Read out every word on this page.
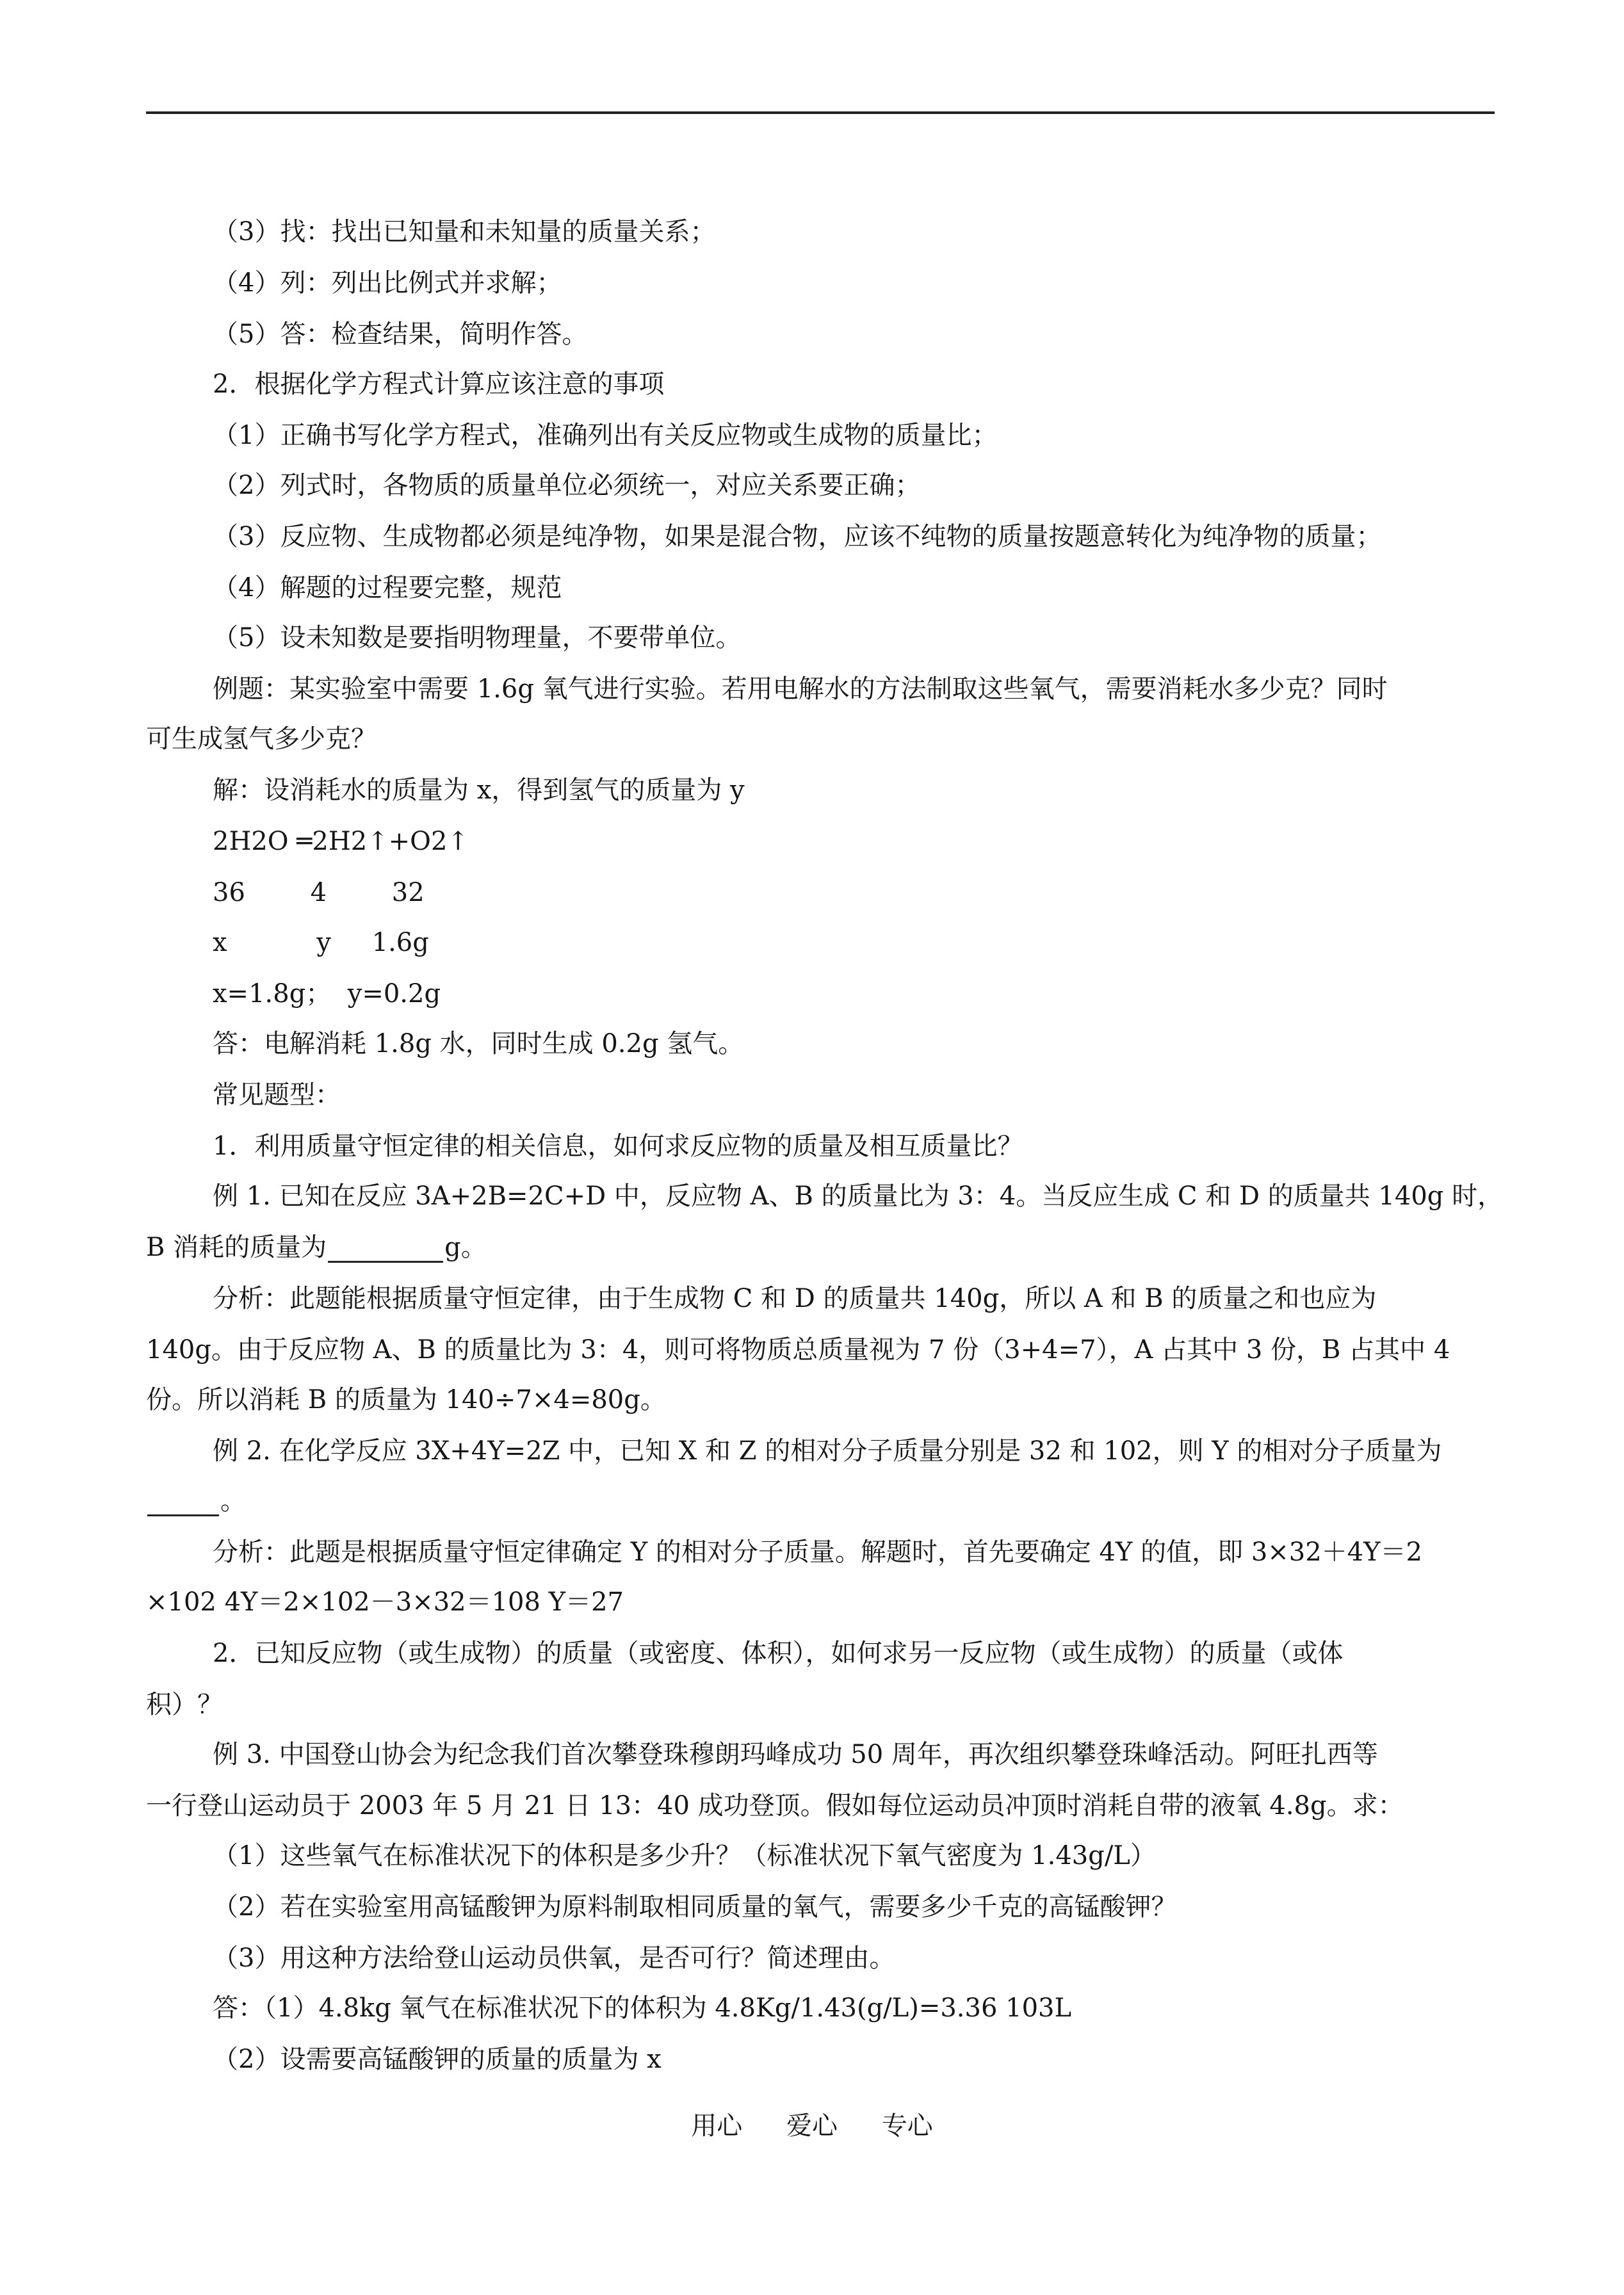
（3）找：找出已知量和未知量的质量关系；
（4）列：列出比例式并求解；
（5）答：检查结果，简明作答。
2．根据化学方程式计算应该注意的事项
（1）正确书写化学方程式，准确列出有关反应物或生成物的质量比；
（2）列式时，各物质的质量单位必须统一，对应关系要正确；
（3）反应物、生成物都必须是纯净物，如果是混合物，应该不纯物的质量按题意转化为纯净物的质量；
（4）解题的过程要完整，规范
（5）设未知数是要指明物理量，不要带单位。
例题：某实验室中需要 1.6g 氧气进行实验。若用电解水的方法制取这些氧气，需要消耗水多少克？同时
可生成氢气多少克？
解：设消耗水的质量为 x，得到氢气的质量为 y
2H2O ═2H2↑+O2↑
36        4        32
x           y     1.6g
x=1.8g；  y=0.2g
答：电解消耗 1.8g 水，同时生成 0.2g 氢气。
常见题型：
1．利用质量守恒定律的相关信息，如何求反应物的质量及相互质量比？
例 1. 已知在反应 3A+2B=2C+D 中，反应物 A、B 的质量比为 3：4。当反应生成 C 和 D 的质量共 140g 时，
B 消耗的质量为	g。
分析：此题能根据质量守恒定律，由于生成物 C 和 D 的质量共 140g，所以 A 和 B 的质量之和也应为
140g。由于反应物 A、B 的质量比为 3：4，则可将物质总质量视为 7 份（3+4=7），A 占其中 3 份，B 占其中 4
份。所以消耗 B 的质量为 140÷7×4=80g。
例 2. 在化学反应 3X+4Y=2Z 中，已知 X 和 Z 的相对分子质量分别是 32 和 102，则 Y 的相对分子质量为
。
分析：此题是根据质量守恒定律确定 Y 的相对分子质量。解题时，首先要确定 4Y 的值，即 3×32＋4Y＝2
×102 4Y＝2×102－3×32＝108 Y＝27
2．已知反应物（或生成物）的质量（或密度、体积），如何求另一反应物（或生成物）的质量（或体
积）？
例 3. 中国登山协会为纪念我们首次攀登珠穆朗玛峰成功 50 周年，再次组织攀登珠峰活动。阿旺扎西等
一行登山运动员于 2003 年 5 月 21 日 13：40 成功登顶。假如每位运动员冲顶时消耗自带的液氧 4.8g。求：
（1）这些氧气在标准状况下的体积是多少升？（标准状况下氧气密度为 1.43g/L）
（2）若在实验室用高锰酸钾为原料制取相同质量的氧气，需要多少千克的高锰酸钾？
（3）用这种方法给登山运动员供氧，是否可行？简述理由。
答：（1）4.8kg 氧气在标准状况下的体积为 4.8Kg/1.43(g/L)=3.36 103L
（2）设需要高锰酸钾的质量的质量为 x
用心 爱心 专心
